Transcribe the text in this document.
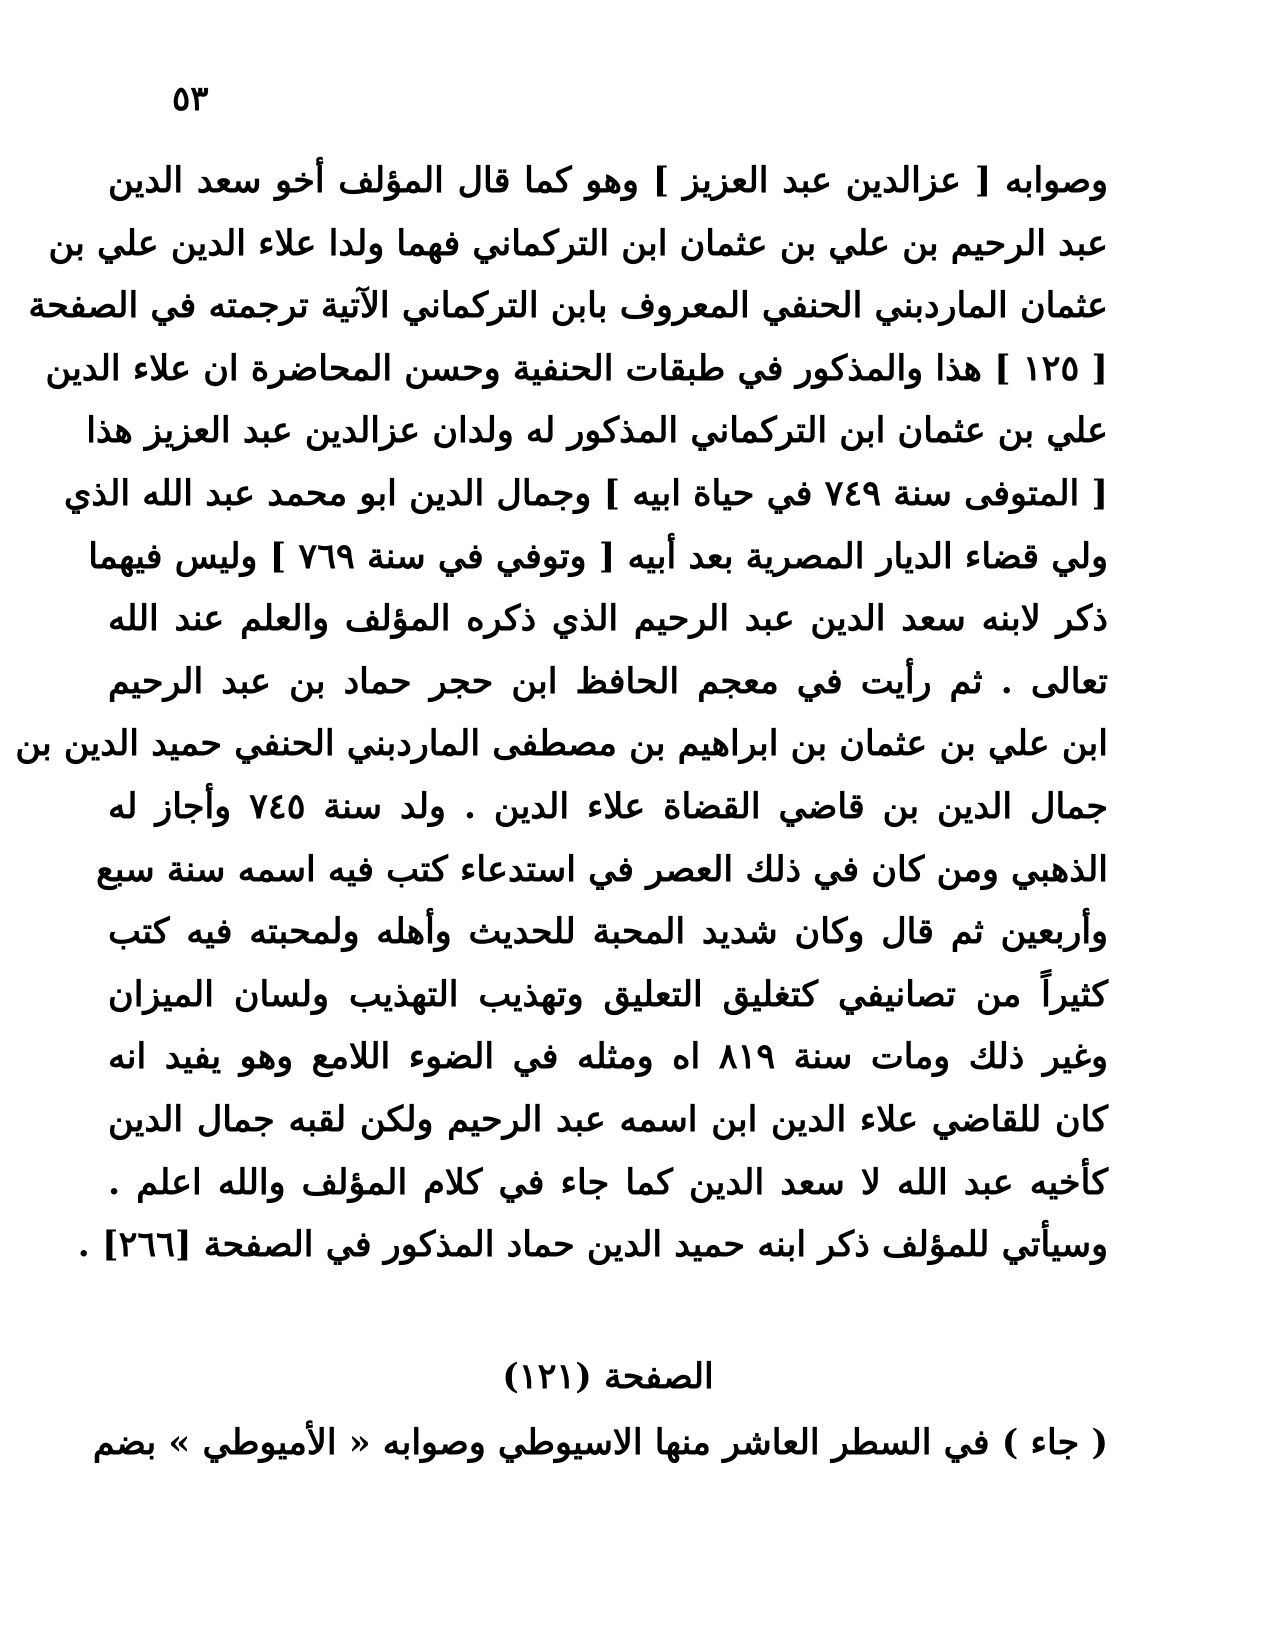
٥٣
وصوابه [ عزالدين عبد العزيز ] وهو كما قال المؤلف أخو سعد الدين
عبد الرحيم بن علي بن عثمان ابن التركماني فهما ولدا علاء الدين علي بن
عثمان الماردبني الحنفي المعروف بابن التركماني الآتية ترجمته في الصفحة
[ ١٢٥ ] هذا والمذكور في طبقات الحنفية وحسن المحاضرة ان علاء الدين
علي بن عثمان ابن التركماني المذكور له ولدان عزالدين عبد العزيز هذا
[ المتوفى سنة ٧٤٩ في حياة ابيه ] وجمال الدين ابو محمد عبد الله الذي
ولي قضاء الديار المصرية بعد أبيه [ وتوفي في سنة ٧٦٩ ] وليس فيهما
ذكر لابنه سعد الدين عبد الرحيم الذي ذكره المؤلف والعلم عند الله
تعالى . ثم رأيت في معجم الحافظ ابن حجر حماد بن عبد الرحيم
ابن علي بن عثمان بن ابراهيم بن مصطفى الماردبني الحنفي حميد الدين بن
جمال الدين بن قاضي القضاة علاء الدين . ولد سنة ٧٤٥ وأجاز له
الذهبي ومن كان في ذلك العصر في استدعاء كتب فيه اسمه سنة سبع
وأربعين ثم قال وكان شديد المحبة للحديث وأهله ولمحبته فيه كتب
كثيراً من تصانيفي كتغليق التعليق وتهذيب التهذيب ولسان الميزان
وغير ذلك ومات سنة ٨١٩ اه ومثله في الضوء اللامع وهو يفيد انه
كان للقاضي علاء الدين ابن اسمه عبد الرحيم ولكن لقبه جمال الدين
كأخيه عبد الله لا سعد الدين كما جاء في كلام المؤلف والله اعلم .
وسيأتي للمؤلف ذكر ابنه حميد الدين حماد المذكور في الصفحة [٢٦٦] .
الصفحة (١٢١)
( جاء ) في السطر العاشر منها الاسيوطي وصوابه « الأميوطي » بضم
